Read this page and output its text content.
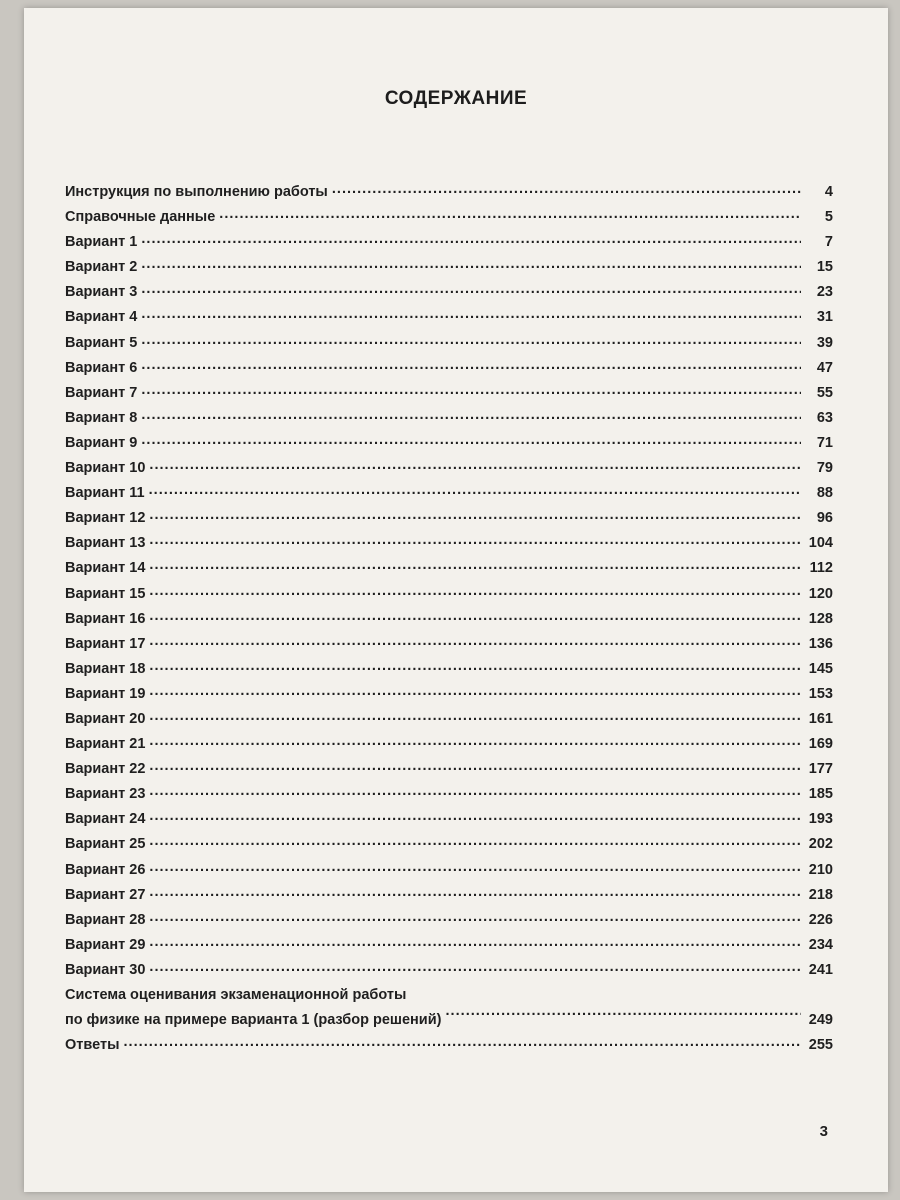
СОДЕРЖАНИЕ
Инструкция по выполнению работы . . .	4
Справочные данные . . .	5
Вариант 1 . . .	7
Вариант 2 . . .	15
Вариант 3 . . .	23
Вариант 4 . . .	31
Вариант 5 . . .	39
Вариант 6 . . .	47
Вариант 7 . . .	55
Вариант 8 . . .	63
Вариант 9 . . .	71
Вариант 10 . . .	79
Вариант 11 . . .	88
Вариант 12 . . .	96
Вариант 13 . . .	104
Вариант 14 . . .	112
Вариант 15 . . .	120
Вариант 16 . . .	128
Вариант 17 . . .	136
Вариант 18 . . .	145
Вариант 19 . . .	153
Вариант 20 . . .	161
Вариант 21 . . .	169
Вариант 22 . . .	177
Вариант 23 . . .	185
Вариант 24 . . .	193
Вариант 25 . . .	202
Вариант 26 . . .	210
Вариант 27 . . .	218
Вариант 28 . . .	226
Вариант 29 . . .	234
Вариант 30 . . .	241
Система оценивания экзаменационной работы
по физике на примере варианта 1 (разбор решений) . . .	249
Ответы . . .	255
3
